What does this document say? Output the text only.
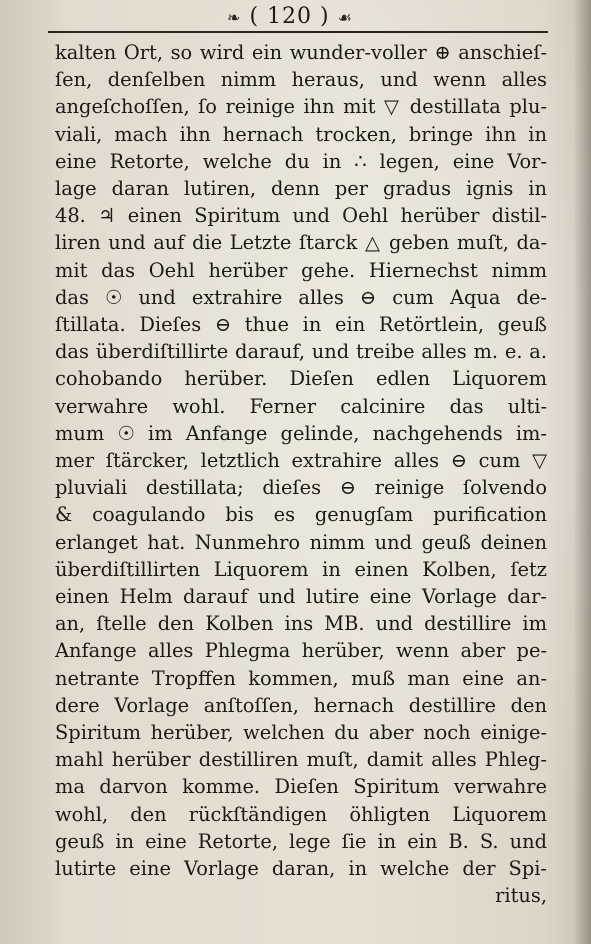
❧ ( 120 ) ☙
kalten Ort, so wird ein wunder-voller ⊕ anschieſ-
ſen, denſelben nimm heraus, und wenn alles
angeſchoſſen, ſo reinige ihn mit ▽ destillata plu-
viali, mach ihn hernach trocken, bringe ihn in
eine Retorte, welche du in ∴ legen, eine Vor-
lage daran lutiren, denn per gradus ignis in
48. ♃ einen Spiritum und Oehl herüber distil-
liren und auf die Letzte ſtarck △ geben muſt, da-
mit das Oehl herüber gehe. Hiernechst nimm
das ☉ und extrahire alles ⊖ cum Aqua de-
ſtillata. Dieſes ⊖ thue in ein Retörtlein, geuß
das überdiſtillirte darauf, und treibe alles m. e. a.
cohobando herüber. Dieſen edlen Liquorem
verwahre wohl. Ferner calcinire das ulti-
mum ☉ im Anfange gelinde, nachgehends im-
mer ſtärcker, letztlich extrahire alles ⊖ cum ▽
pluviali destillata; dieſes ⊖ reinige ſolvendo
& coagulando bis es genugſam purification
erlanget hat. Nunmehro nimm und geuß deinen
überdiſtillirten Liquorem in einen Kolben, ſetz
einen Helm darauf und lutire eine Vorlage dar-
an, ſtelle den Kolben ins MB. und destillire im
Anfange alles Phlegma herüber, wenn aber pe-
netrante Tropffen kommen, muß man eine an-
dere Vorlage anſtoſſen, hernach destillire den
Spiritum herüber, welchen du aber noch einige-
mahl herüber destilliren muſt, damit alles Phleg-
ma darvon komme. Dieſen Spiritum verwahre
wohl, den rückſtändigen öhligten Liquorem
geuß in eine Retorte, lege ſie in ein B. S. und
lutirte eine Vorlage daran, in welche der Spi-
ritus,
